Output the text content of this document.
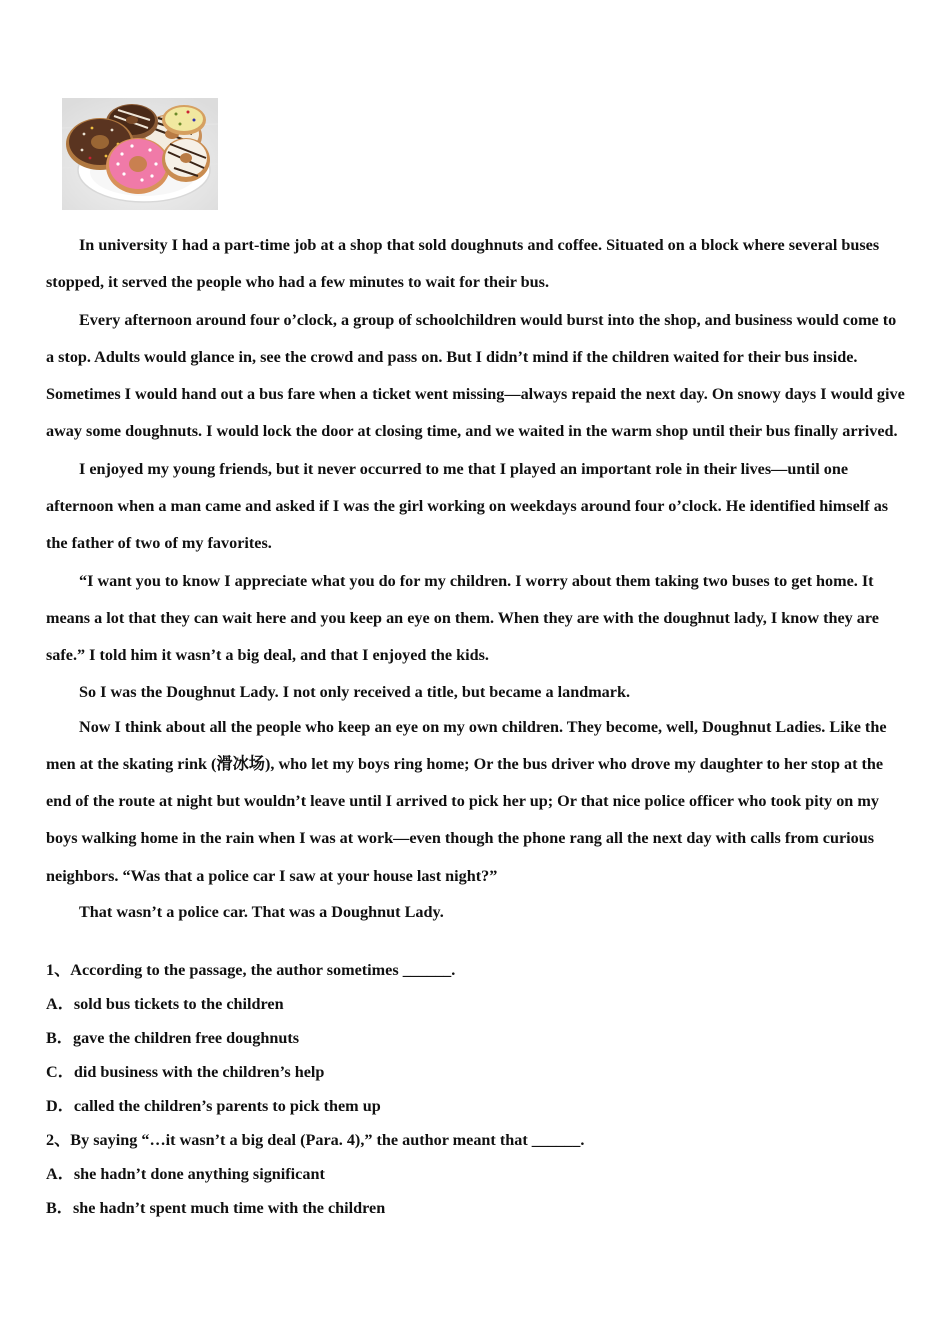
In university I had a part-time job at a shop that sold doughnuts and coffee. Situated on a block where several buses stopped, it served the people who had a few minutes to wait for their bus.

Every afternoon around four o’clock, a group of schoolchildren would burst into the shop, and business would come to a stop. Adults would glance in, see the crowd and pass on. But I didn’t mind if the children waited for their bus inside. Sometimes I would hand out a bus fare when a ticket went missing—always repaid the next day. On snowy days I would give away some doughnuts. I would lock the door at closing time, and we waited in the warm shop until their bus finally arrived.

I enjoyed my young friends, but it never occurred to me that I played an important role in their lives—until one afternoon when a man came and asked if I was the girl working on weekdays around four o’clock. He identified himself as the father of two of my favorites.

“I want you to know I appreciate what you do for my children. I worry about them taking two buses to get home. It means a lot that they can wait here and you keep an eye on them. When they are with the doughnut lady, I know they are safe.” I told him it wasn’t a big deal, and that I enjoyed the kids.

So I was the Doughnut Lady. I not only received a title, but became a landmark.

Now I think about all the people who keep an eye on my own children. They become, well, Doughnut Ladies. Like the men at the skating rink (滑冰场), who let my boys ring home; Or the bus driver who drove my daughter to her stop at the end of the route at night but wouldn’t leave until I arrived to pick her up; Or that nice police officer who took pity on my boys walking home in the rain when I was at work—even though the phone rang all the next day with calls from curious neighbors. “Was that a police car I saw at your house last night?”

That wasn’t a police car. That was a Doughnut Lady.

1、According to the passage, the author sometimes ______.
A．sold bus tickets to the children
B．gave the children free doughnuts
C．did business with the children’s help
D．called the children’s parents to pick them up
2、By saying “…it wasn’t a big deal (Para. 4),” the author meant that ______.
A．she hadn’t done anything significant
B．she hadn’t spent much time with the children
